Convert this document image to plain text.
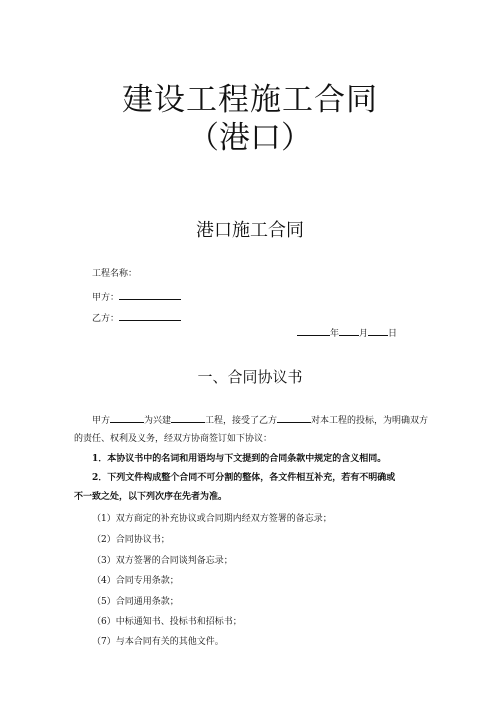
建设工程施工合同
（港口）
港口施工合同
工程名称：
甲方：
乙方：
年 月 日
一、合同协议书
甲方	为兴建	工程，接受了乙方	对本工程的投标，为明确双方
的责任、权利及义务，经双方协商签订如下协议：
1．本协议书中的名词和用语均与下文提到的合同条款中规定的含义相同。
2．下列文件构成整个合同不可分割的整体，各文件相互补充，若有不明确或
不一致之处，以下列次序在先者为准。
（1）双方商定的补充协议或合同期内经双方签署的备忘录；
（2）合同协议书；
（3）双方签署的合同谈判备忘录；
（4）合同专用条款；
（5）合同通用条款；
（6）中标通知书、投标书和招标书；
（7）与本合同有关的其他文件。
